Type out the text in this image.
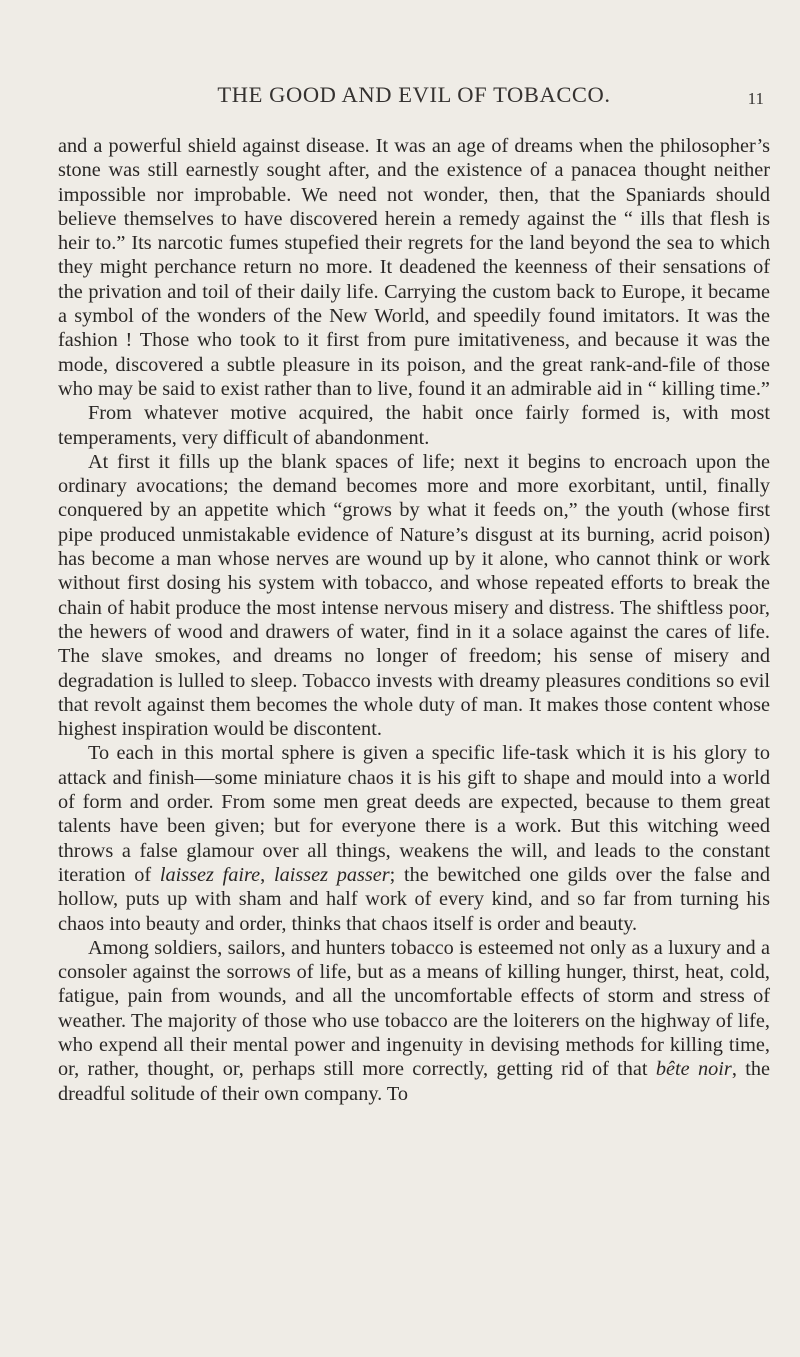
THE GOOD AND EVIL OF TOBACCO.	11

and a powerful shield against disease. It was an age of dreams when the philosopher’s stone was still earnestly sought after, and the existence of a panacea thought neither impossible nor improbable. We need not wonder, then, that the Spaniards should believe themselves to have discovered herein a remedy against the “ ills that flesh is heir to.” Its narcotic fumes stupefied their regrets for the land beyond the sea to which they might perchance return no more. It deadened the keenness of their sensations of the privation and toil of their daily life. Carrying the custom back to Europe, it became a symbol of the wonders of the New World, and speedily found imitators. It was the fashion ! Those who took to it first from pure imitativeness, and because it was the mode, discovered a subtle pleasure in its poison, and the great rank-and-file of those who may be said to exist rather than to live, found it an admirable aid in “ killing time.”

From whatever motive acquired, the habit once fairly formed is, with most temperaments, very difficult of abandonment.

At first it fills up the blank spaces of life; next it begins to encroach upon the ordinary avocations; the demand becomes more and more exorbitant, until, finally conquered by an appetite which “grows by what it feeds on,” the youth (whose first pipe produced unmistakable evidence of Nature’s disgust at its burning, acrid poison) has become a man whose nerves are wound up by it alone, who cannot think or work without first dosing his system with tobacco, and whose repeated efforts to break the chain of habit produce the most intense nervous misery and distress. The shiftless poor, the hewers of wood and drawers of water, find in it a solace against the cares of life. The slave smokes, and dreams no longer of freedom; his sense of misery and degradation is lulled to sleep. Tobacco invests with dreamy pleasures conditions so evil that revolt against them becomes the whole duty of man. It makes those content whose highest inspiration would be discontent.

To each in this mortal sphere is given a specific life-task which it is his glory to attack and finish—some miniature chaos it is his gift to shape and mould into a world of form and order. From some men great deeds are expected, because to them great talents have been given; but for everyone there is a work. But this witching weed throws a false glamour over all things, weakens the will, and leads to the constant iteration of laissez faire, laissez passer; the bewitched one gilds over the false and hollow, puts up with sham and half work of every kind, and so far from turning his chaos into beauty and order, thinks that chaos itself is order and beauty.

Among soldiers, sailors, and hunters tobacco is esteemed not only as a luxury and a consoler against the sorrows of life, but as a means of killing hunger, thirst, heat, cold, fatigue, pain from wounds, and all the uncomfortable effects of storm and stress of weather. The majority of those who use tobacco are the loiterers on the highway of life, who expend all their mental power and ingenuity in devising methods for killing time, or, rather, thought, or, perhaps still more correctly, getting rid of that bête noir, the dreadful solitude of their own company. To
